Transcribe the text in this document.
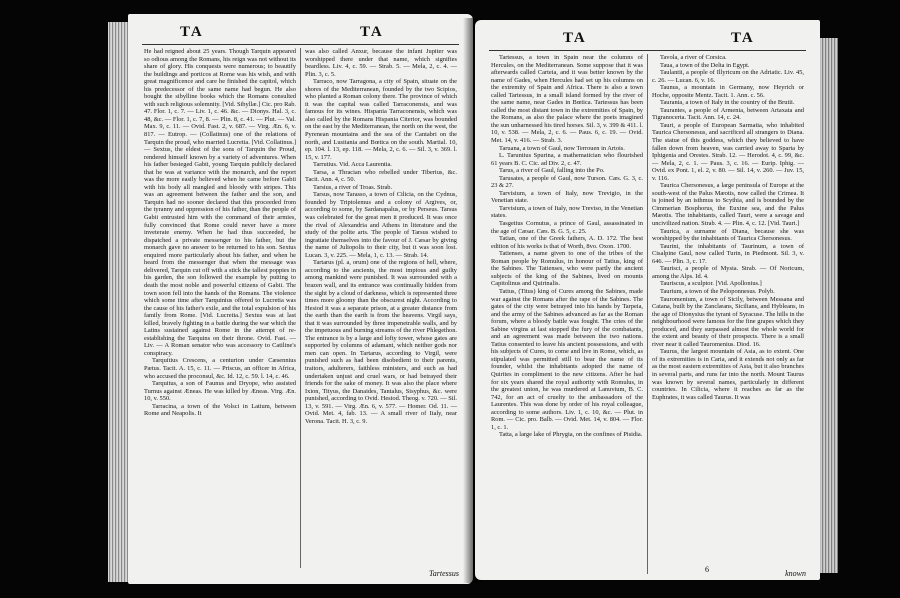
TA	TA

He had reigned about 25 years. Though Tarquin appeared so odious among the Romans, his reign was not without its share of glory. His conquests were numerous; to beautify the buildings and porticos at Rome was his wish, and with great magnificence and care he finished the capitol, which his predecessor of the same name had begun. He also bought the sibylline books which the Romans consulted with such religious solemnity. [Vid. Sibyllæ.] Cic. pro Rab. 47. Flor. 1, c. 7. — Liv. 1, c. 46. &c. — Dionys. Hal. 3, c. 48, &c. — Flor. 1, c. 7, 8. — Plin. 8, c. 41. — Plut. — Val. Max. 9, c. 11. — Ovid. Fast. 2, v. 687. — Virg. Æn. 6, v. 817. — Eutrop. — (Collatinus) one of the relations of Tarquin the proud, who married Lucretia. [Vid. Collatinus.] — Sextus, the eldest of the sons of Tarquin the Proud, rendered himself known by a variety of adventures. When his father besieged Gabii, young Tarquin publicly declared that he was at variance with the monarch, and the report was the more easily believed when he came before Gabii with his body all mangled and bloody with stripes. This was an agreement between the father and the son, and Tarquin had no sooner declared that this proceeded from the tyranny and oppression of his father, than the people of Gabii entrusted him with the command of their armies, fully convinced that Rome could never have a more inveterate enemy. When he had thus succeeded, he dispatched a private messenger to his father, but the monarch gave no answer to be returned to his son. Sextus enquired more particularly about his father, and when he heard from the messenger that when the message was delivered, Tarquin cut off with a stick the tallest poppies in his garden, the son followed the example by putting to death the most noble and powerful citizens of Gabii. The town soon fell into the hands of the Romans. The violence which some time after Tarquinius offered to Lucretia was the cause of his father's exile, and the total expulsion of his family from Rome. [Vid. Lucretia.] Sextus was at last killed, bravely fighting in a battle during the war which the Latins sustained against Rome in the attempt of re-establishing the Tarquins on their throne. Ovid. Fast. — Liv. — A Roman senator who was accessory to Catiline's conspiracy.

Tarquitius Crescens, a centurion under Cæsennius Pætus. Tacit. A. 15, c. 11. — Priscus, an officer in Africa, who accused the proconsul, &c. Id. 12, c. 59. l. 14, c. 46.

Tarquitus, a son of Faunus and Dryope, who assisted Turnus against Æneas. He was killed by Æneas. Virg. Æn. 10, v. 550.

Tarracina, a town of the Volsci in Latium, between Rome and Neapolis. It

was also called Anxur, because the infant Jupiter was worshipped there under that name, which signifies beardless. Liv. 4, c. 59. — Strab. 5. — Mela, 2, c. 4. — Plin. 3, c. 5.

Tarraco, now Tarragona, a city of Spain, situate on the shores of the Mediterranean, founded by the two Scipios, who planted a Roman colony there. The province of which it was the capital was called Tarraconensis, and was famous for its wines. Hispania Tarraconensis, which was also called by the Romans Hispania Citerior, was bounded on the east by the Mediterranean, the north on the west, the Pyrenean mountains and the sea of the Cantabri on the north, and Lusitania and Bœtica on the south. Martial. 10, ep. 104. l. 13, ep. 118. — Mela, 2, c. 6. — Sil. 3, v. 369. l. 15, v. 177.

Tarrutius. Vid. Acca Laurentia.

Tarsa, a Thracian who rebelled under Tiberius, &c. Tacit. Ann. 4, c. 50.

Tarsius, a river of Troas. Strab.

Tarsus, now Tarasso, a town of Cilicia, on the Cydnus, founded by Triptolemus and a colony of Argives, or, according to some, by Sardanapalus, or by Perseus. Tarsus was celebrated for the great men it produced. It was once the rival of Alexandria and Athens in literature and the study of the polite arts. The people of Tarsus wished to ingratiate themselves into the favour of J. Cæsar by giving the name of Juliopolis to their city, but it was soon lost. Lucan. 3, v. 225. — Mela, 1, c. 13. — Strab. 14.

Tartarus (pl. a, orum) one of the regions of hell, where, according to the ancients, the most impious and guilty among mankind were punished. It was surrounded with a brazen wall, and its entrance was continually hidden from the sight by a cloud of darkness, which is represented three times more gloomy than the obscurest night. According to Hesiod it was a separate prison, at a greater distance from the earth than the earth is from the heavens. Virgil says, that it was surrounded by three impenetrable walls, and by the impetuous and burning streams of the river Phlegethon. The entrance is by a large and lofty tower, whose gates are supported by columns of adamant, which neither gods nor men can open. In Tartarus, according to Virgil, were punished such as had been disobedient to their parents, traitors, adulterers, faithless ministers, and such as had undertaken unjust and cruel wars, or had betrayed their friends for the sake of money. It was also the place where Ixion, Tityus, the Danaides, Tantalus, Sisyphus, &c. were punished, according to Ovid. Hesiod. Theog. v. 720. — Sil. 13, v. 591. — Virg. Æn. 6, v. 577. — Homer. Od. 11. — Ovid. Met. 4, fab. 13. — A small river of Italy, near Verona. Tacit. H. 3, c. 9.

Tartessus
TA	TA

Tartessus, a town in Spain near the columns of Hercules, on the Mediterranean. Some suppose that it was afterwards called Carteia, and it was better known by the name of Gades, when Hercules had set up his columns on the extremity of Spain and Africa. There is also a town called Tartessus, in a small island formed by the river of the same name, near Gades in Bœtica. Tartessus has been called the most distant town in the extremities of Spain, by the Romans, as also the palace where the poets imagined the sun unharnessed his tired horses. Sil. 3, v. 399 & 411. l. 10, v. 538. — Mela, 2, c. 6. — Paus. 6, c. 19. — Ovid. Met. 14, v. 416. — Strab. 3.

Taruana, a town of Gaul, now Terrouen in Artois.

L. Taruntius Spurina, a mathematician who flourished 61 years B. C. Cic. ad Div. 2, c. 47.

Tarus, a river of Gaul, falling into the Po.

Tarusates, a people of Gaul, now Turson. Cæs. G. 3, c. 23 & 27.

Tarvisium, a town of Italy, now Trevigio, in the Venetian state.

Tarvisium, a town of Italy, now Treviso, in the Venetian states.

Tasgetius Cornutus, a prince of Gaul, assassinated in the age of Cæsar. Cæs. B. G. 5, c. 25.

Tatian, one of the Greek fathers, A. D. 172. The best edition of his works is that of Worth, 8vo. Oxon. 1700.

Tatienses, a name given to one of the tribes of the Roman people by Romulus, in honour of Tatius, king of the Sabines. The Tatienses, who were partly the ancient subjects of the king of the Sabines, lived on mounts Capitolinus and Quirinalis.

Tatius, (Titus) king of Cures among the Sabines, made war against the Romans after the rape of the Sabines. The gates of the city were betrayed into his hands by Tarpeia, and the army of the Sabines advanced as far as the Roman forum, where a bloody battle was fought. The cries of the Sabine virgins at last stopped the fury of the combatants, and an agreement was made between the two nations. Tatius consented to leave his ancient possessions, and with his subjects of Cures, to come and live in Rome, which, as stipulated was permitted still to bear the name of its founder, whilst the inhabitants adopted the name of Quirites in compliment to the new citizens. After he had for six years shared the royal authority with Romulus, in the greatest union, he was murdered at Lanuvium, B. C. 742, for an act of cruelty to the ambassadors of the Laurentes. This was done by order of his royal colleague, according to some authors. Liv. 1, c. 10, &c. — Plut. in Rom. — Cic. pro. Balb. — Ovid. Met. 14, v. 804. — Flor. 1, c. 1.

Tatta, a large lake of Phrygia, on the confines of Pisidia.

Tavola, a river of Corsica.

Taua, a town of the Delta in Egypt.

Taulantii, a people of Illyricum on the Adriatic. Liv. 45, c. 26. — Lucan. 6, v. 16.

Taunus, a mountain in Germany, now Heyrich or Hoche, opposite Mentz. Tacit. 1. Ann. c. 56.

Taurania, a town of Italy in the country of the Brutii.

Taurantes, a people of Armenia, between Artaxata and Tigranocerta. Tacit. Ann. 14, c. 24.

Tauri, a people of European Sarmatia, who inhabited Taurica Chersonesus, and sacrificed all strangers to Diana. The statue of this goddess, which they believed to have fallen down from heaven, was carried away to Sparta by Iphigenia and Orestes. Strab. 12. — Herodot. 4, c. 99, &c. — Mela, 2, c. 1. — Paus. 3, c. 16. — Eurip. Iphig. — Ovid. ex Pont. 1, el. 2, v. 80. — Sil. 14, v. 260. — Juv. 15, v. 116.

Taurica Chersonesus, a large peninsula of Europe at the south-west of the Palus Mæotis, now called the Crimea. It is joined by an isthmus to Scythia, and is bounded by the Cimmerian Bosphorus, the Euxine sea, and the Palus Mæotis. The inhabitants, called Tauri, were a savage and uncivilized nation. Strab. 4. — Plin. 4, c. 12. [Vid. Tauri.]

Taurica, a surname of Diana, because she was worshipped by the inhabitants of Taurica Chersonesus.

Taurini, the inhabitants of Taurinum, a town of Cisalpine Gaul, now called Turin, in Piedmont. Sil. 3, v. 646. — Plin. 3, c. 17.

Taurisci, a people of Mysia. Strab. — Of Noricum, among the Alps. Id. 4.

Tauriscus, a sculptor. [Vid. Apollonius.]

Taurium, a town of the Peloponnesus. Polyb.

Tauromenium, a town of Sicily, between Messana and Catana, built by the Zanclæans, Sicilians, and Hybleans, in the age of Dionysius the tyrant of Syracuse. The hills in the neighbourhood were famous for the fine grapes which they produced, and they surpassed almost the whole world for the extent and beauty of their prospects. There is a small river near it called Tauromenius. Diod. 16.

Taurus, the largest mountain of Asia, as to extent. One of its extremities is in Caria, and it extends not only as far as the most eastern extremities of Asia, but it also branches in several parts, and runs far into the north. Mount Taurus was known by several names, particularly in different countries. In Cilicia, where it reaches as far as the Euphrates, it was called Taurus. It was

6	known
